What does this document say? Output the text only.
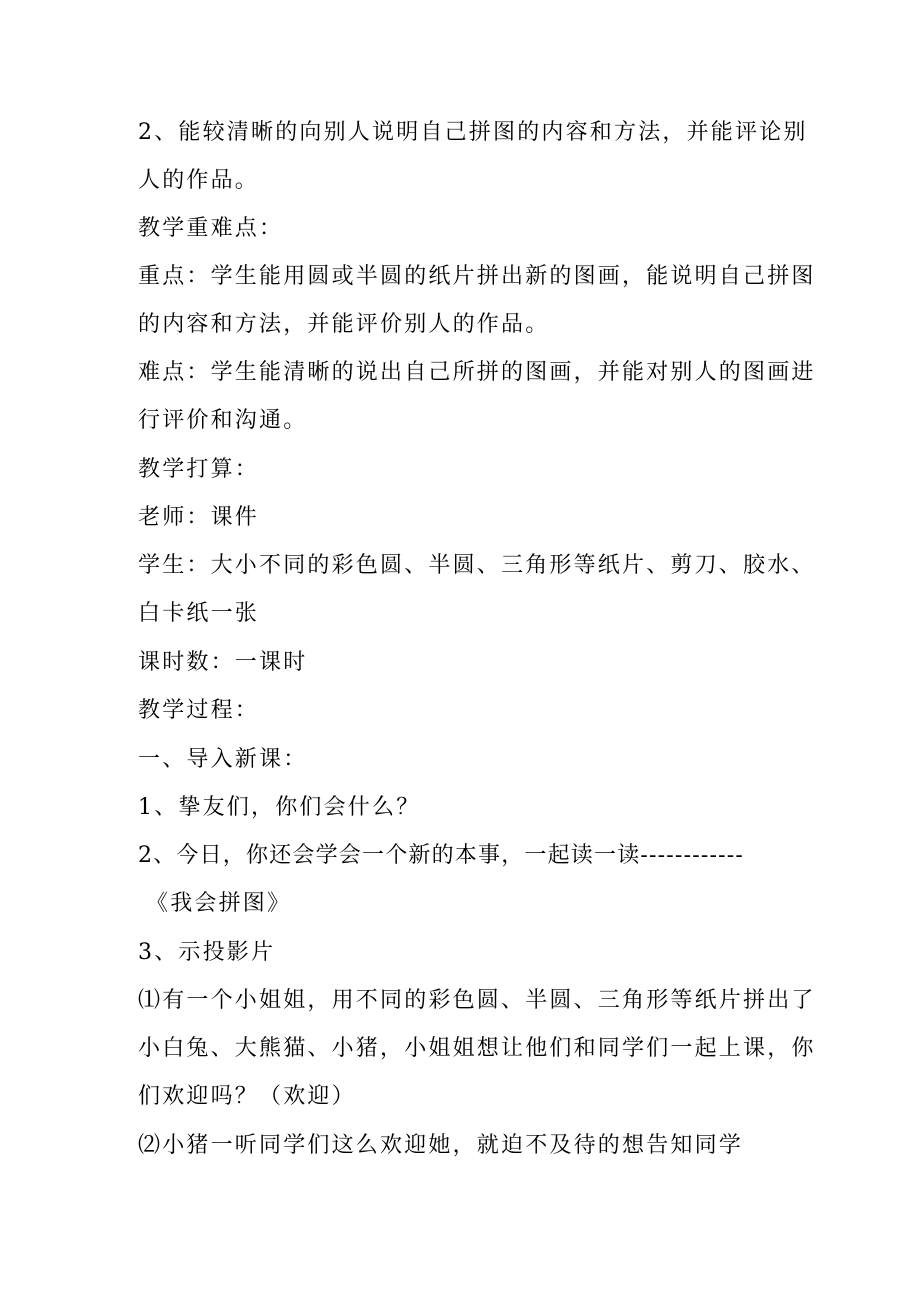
2、能较清晰的向别人说明自己拼图的内容和方法，并能评论别
人的作品。
教学重难点：
重点：学生能用圆或半圆的纸片拼出新的图画，能说明自己拼图
的内容和方法，并能评价别人的作品。
难点：学生能清晰的说出自己所拼的图画，并能对别人的图画进
行评价和沟通。
教学打算：
老师：课件
学生：大小不同的彩色圆、半圆、三角形等纸片、剪刀、胶水、
白卡纸一张
课时数：一课时
教学过程：
一、导入新课：
1、挚友们，你们会什么？
2、今日，你还会学会一个新的本事，一起读一读------------
《我会拼图》
3、示投影片
⑴有一个小姐姐，用不同的彩色圆、半圆、三角形等纸片拼出了
小白兔、大熊猫、小猪，小姐姐想让他们和同学们一起上课，你
们欢迎吗？（欢迎）
⑵小猪一听同学们这么欢迎她，就迫不及待的想告知同学
